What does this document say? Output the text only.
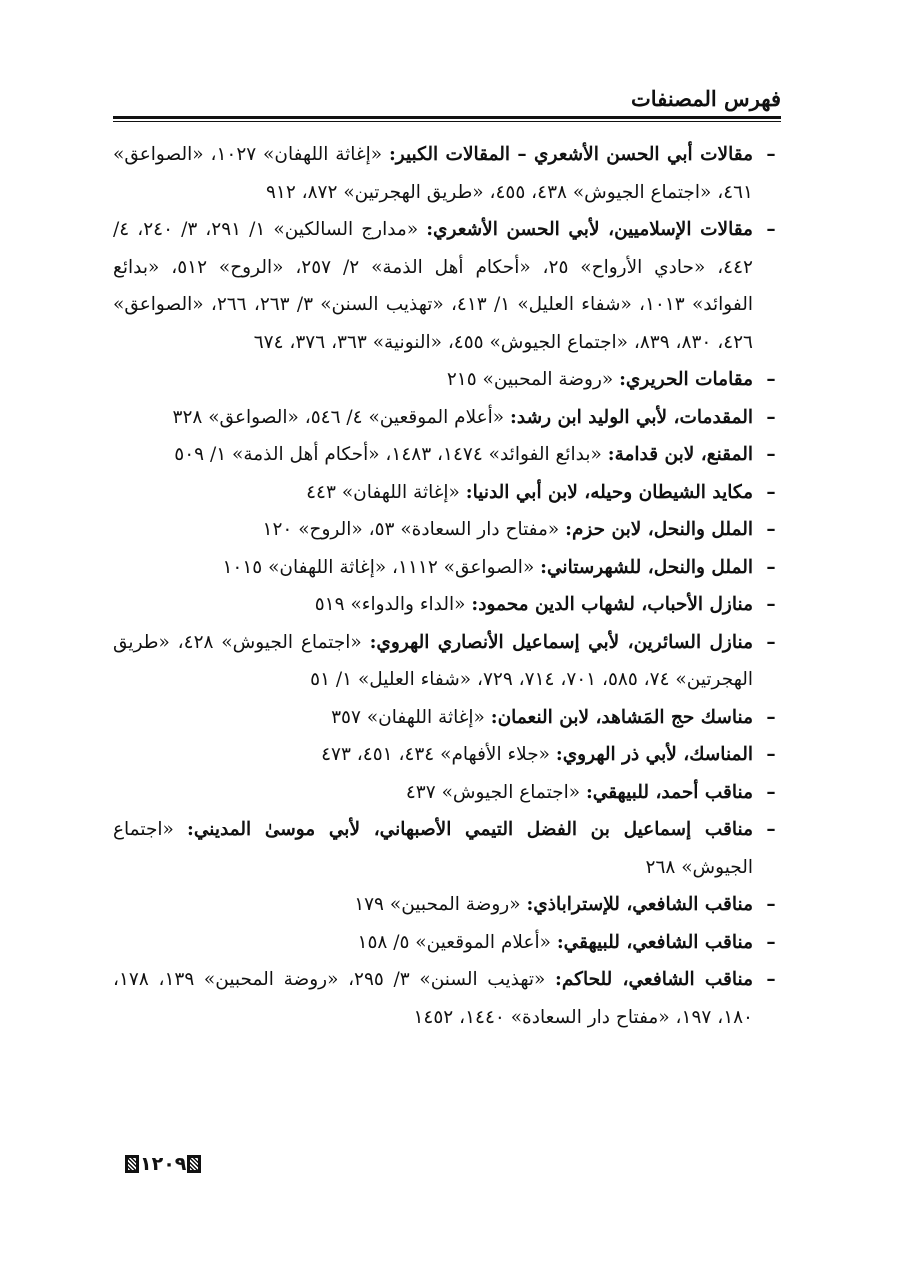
فهرس المصنفات
–
مقالات أبي الحسن الأشعري – المقالات الكبير: «إغاثة اللهفان» ١٠٢٧، «الصواعق» ٤٦١، «اجتماع الجيوش» ٤٣٨، ٤٥٥، «طريق الهجرتين» ٨٧٢، ٩١٢
–
مقالات الإسلاميين، لأبي الحسن الأشعري: «مدارج السالكين» ١/ ٢٩١، ٣/ ٢٤٠، ٤/ ٤٤٢، «حادي الأرواح» ٢٥، «أحكام أهل الذمة» ٢/ ٢٥٧، «الروح» ٥١٢، «بدائع الفوائد» ١٠١٣، «شفاء العليل» ١/ ٤١٣، «تهذيب السنن» ٣/ ٢٦٣، ٢٦٦، «الصواعق» ٤٢٦، ٨٣٠، ٨٣٩، «اجتماع الجيوش» ٤٥٥، «النونية» ٣٦٣، ٣٧٦، ٦٧٤
–
مقامات الحريري: «روضة المحبين» ٢١٥
–
المقدمات، لأبي الوليد ابن رشد: «أعلام الموقعين» ٤/ ٥٤٦، «الصواعق» ٣٢٨
–
المقنع، لابن قدامة: «بدائع الفوائد» ١٤٧٤، ١٤٨٣، «أحكام أهل الذمة» ١/ ٥٠٩
–
مكايد الشيطان وحيله، لابن أبي الدنيا: «إغاثة اللهفان» ٤٤٣
–
الملل والنحل، لابن حزم: «مفتاح دار السعادة» ٥٣، «الروح» ١٢٠
–
الملل والنحل، للشهرستاني: «الصواعق» ١١١٢، «إغاثة اللهفان» ١٠١٥
–
منازل الأحباب، لشهاب الدين محمود: «الداء والدواء» ٥١٩
–
منازل السائرين، لأبي إسماعيل الأنصاري الهروي: «اجتماع الجيوش» ٤٢٨، «طريق الهجرتين» ٧٤، ٥٨٥، ٧٠١، ٧١٤، ٧٢٩، «شفاء العليل» ١/ ٥١
–
مناسك حج المَشاهد، لابن النعمان: «إغاثة اللهفان» ٣٥٧
–
المناسك، لأبي ذر الهروي: «جلاء الأفهام» ٤٣٤، ٤٥١، ٤٧٣
–
مناقب أحمد، للبيهقي: «اجتماع الجيوش» ٤٣٧
–
مناقب إسماعيل بن الفضل التيمي الأصبهاني، لأبي موسىٰ المديني: «اجتماع الجيوش» ٢٦٨
–
مناقب الشافعي، للإستراباذي: «روضة المحبين» ١٧٩
–
مناقب الشافعي، للبيهقي: «أعلام الموقعين» ٥/ ١٥٨
–
مناقب الشافعي، للحاكم: «تهذيب السنن» ٣/ ٢٩٥، «روضة المحبين» ١٣٩، ١٧٨، ١٨٠، ١٩٧، «مفتاح دار السعادة» ١٤٤٠، ١٤٥٢
١٢٠٩
